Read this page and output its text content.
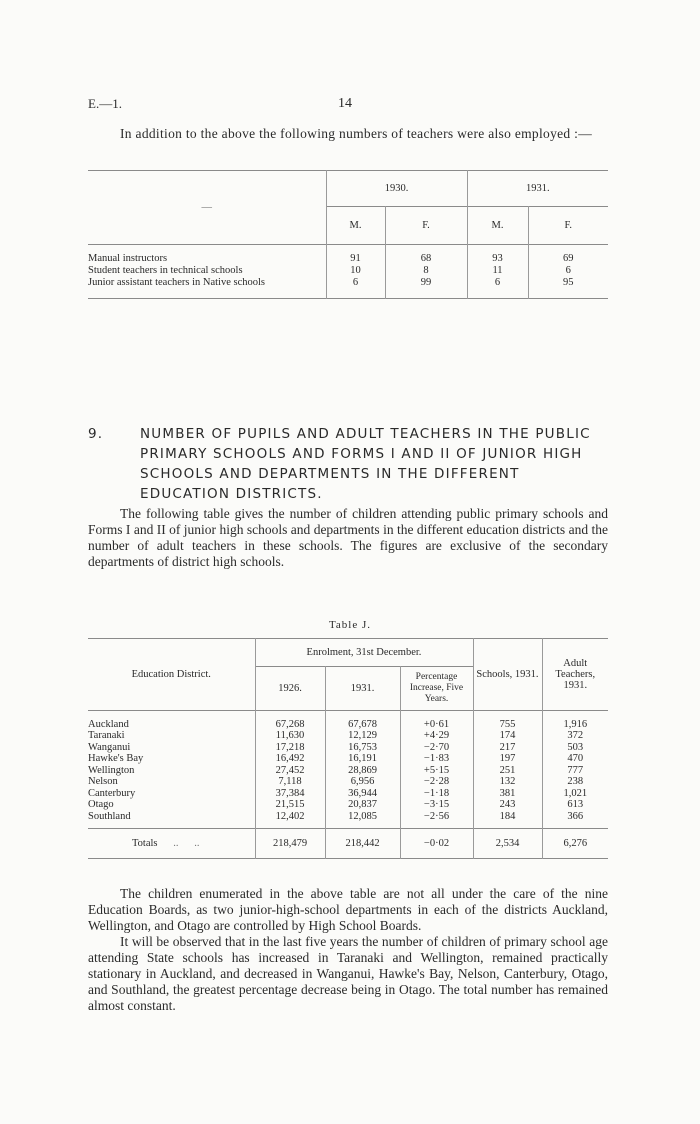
E.—1.	14
In addition to the above the following numbers of teachers were also employed :—
—	1930.		1931.	
	M.	F.	M.	F.

Manual instructors	91	68	93	69
Student teachers in technical schools	10	8	11	6
Junior assistant teachers in Native schools	6	99	6	95

9.	NUMBER OF PUPILS AND ADULT TEACHERS IN THE PUBLIC PRIMARY SCHOOLS AND FORMS I AND II OF JUNIOR HIGH SCHOOLS AND DEPARTMENTS IN THE DIFFERENT EDUCATION DISTRICTS.
The following table gives the number of children attending public primary schools and Forms I and II of junior high schools and departments in the different education districts and the number of adult teachers in these schools. The figures are exclusive of the secondary departments of district high schools.
Table J.
Education District.	Enrolment, 31st December.			Schools, 1931.	Adult Teachers, 1931.
	1926.	1931.	Percentage Increase, Five Years.		

Auckland	67,268	67,678	+0·61	755	1,916
Taranaki	11,630	12,129	+4·29	174	372
Wanganui	17,218	16,753	−2·70	217	503
Hawke's Bay	16,492	16,191	−1·83	197	470
Wellington	27,452	28,869	+5·15	251	777
Nelson	7,118	6,956	−2·28	132	238
Canterbury	37,384	36,944	−1·18	381	1,021
Otago	21,515	20,837	−3·15	243	613
Southland	12,402	12,085	−2·56	184	366

Totals      ..      ..	218,479	218,442	−0·02	2,534	6,276

The children enumerated in the above table are not all under the care of the nine Education Boards, as two junior-high-school departments in each of the districts Auckland, Wellington, and Otago are controlled by High School Boards.
It will be observed that in the last five years the number of children of primary school age attending State schools has increased in Taranaki and Wellington, remained practically stationary in Auckland, and decreased in Wanganui, Hawke's Bay, Nelson, Canterbury, Otago, and Southland, the greatest percentage decrease being in Otago. The total number has remained almost constant.
